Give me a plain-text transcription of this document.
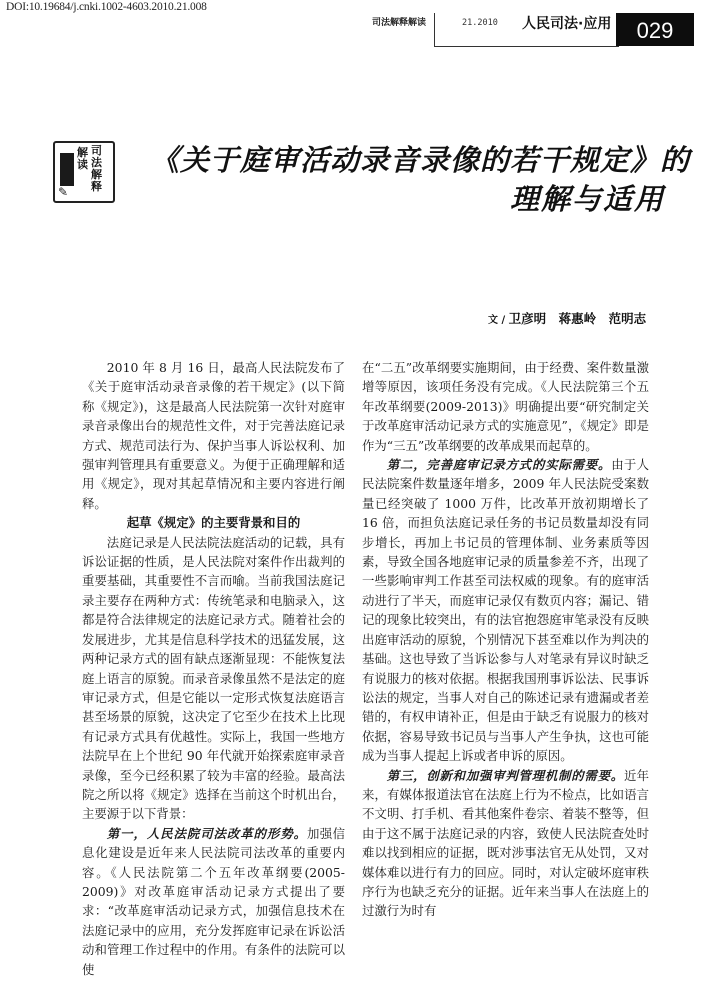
DOI:10.19684/j.cnki.1002-4603.2010.21.008
司法解释解读	21.2010 人民司法·应用	029
解读
司法解释
✎
《关于庭审活动录音录像的若干规定》的
理解与适用
文 / 卫彦明　蒋惠岭　范明志

2010 年 8 月 16 日，最高人民法院发布了《关于庭审活动录音录像的若干规定》(以下简称《规定》)，这是最高人民法院第一次针对庭审录音录像出台的规范性文件，对于完善法庭记录方式、规范司法行为、保护当事人诉讼权利、加强审判管理具有重要意义。为便于正确理解和适用《规定》，现对其起草情况和主要内容进行阐释。

起草《规定》的主要背景和目的

法庭记录是人民法院法庭活动的记载，具有诉讼证据的性质，是人民法院对案件作出裁判的重要基础，其重要性不言而喻。当前我国法庭记录主要存在两种方式：传统笔录和电脑录入，这都是符合法律规定的法庭记录方式。随着社会的发展进步，尤其是信息科学技术的迅猛发展，这两种记录方式的固有缺点逐渐显现：不能恢复法庭上语言的原貌。而录音录像虽然不是法定的庭审记录方式，但是它能以一定形式恢复法庭语言甚至场景的原貌，这决定了它至少在技术上比现有记录方式具有优越性。实际上，我国一些地方法院早在上个世纪 90 年代就开始探索庭审录音录像，至今已经积累了较为丰富的经验。最高法院之所以将《规定》选择在当前这个时机出台，主要源于以下背景：

第一，人民法院司法改革的形势。加强信息化建设是近年来人民法院司法改革的重要内容。《人民法院第二个五年改革纲要(2005-2009)》对改革庭审活动记录方式提出了要求：“改革庭审活动记录方式，加强信息技术在法庭记录中的应用，充分发挥庭审记录在诉讼活动和管理工作过程中的作用。有条件的法院可以使

在“二五”改革纲要实施期间，由于经费、案件数量激增等原因，该项任务没有完成。《人民法院第三个五年改革纲要(2009-2013)》明确提出要“研究制定关于改革庭审活动记录方式的实施意见”，《规定》即是作为“三五”改革纲要的改革成果而起草的。

第二，完善庭审记录方式的实际需要。由于人民法院案件数量逐年增多，2009 年人民法院受案数量已经突破了 1000 万件，比改革开放初期增长了 16 倍，而担负法庭记录任务的书记员数量却没有同步增长，再加上书记员的管理体制、业务素质等因素，导致全国各地庭审记录的质量参差不齐，出现了一些影响审判工作甚至司法权威的现象。有的庭审活动进行了半天，而庭审记录仅有数页内容；漏记、错记的现象比较突出，有的法官抱怨庭审笔录没有反映出庭审活动的原貌，个别情况下甚至难以作为判决的基础。这也导致了当诉讼参与人对笔录有异议时缺乏有说服力的核对依据。根据我国刑事诉讼法、民事诉讼法的规定，当事人对自己的陈述记录有遗漏或者差错的，有权申请补正，但是由于缺乏有说服力的核对依据，容易导致书记员与当事人产生争执，这也可能成为当事人提起上诉或者申诉的原因。

第三，创新和加强审判管理机制的需要。近年来，有媒体报道法官在法庭上行为不检点，比如语言不文明、打手机、看其他案件卷宗、着装不整等，但由于这不属于法庭记录的内容，致使人民法院查处时难以找到相应的证据，既对涉事法官无从处罚，又对媒体难以进行有力的回应。同时，对认定破坏庭审秩序行为也缺乏充分的证据。近年来当事人在法庭上的过激行为时有
